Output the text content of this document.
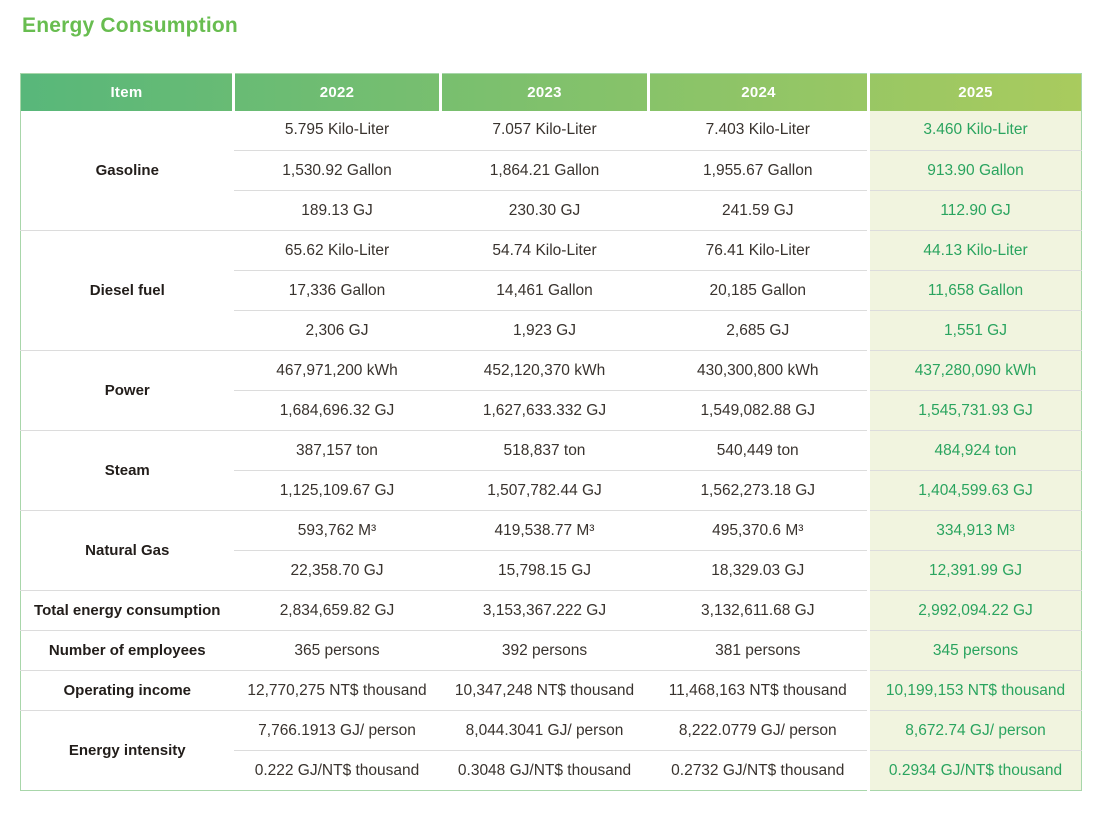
Energy Consumption
Item	2022	2023	2024	2025
Gasoline	5.795 Kilo-Liter	7.057 Kilo-Liter	7.403 Kilo-Liter	3.460 Kilo-Liter
	1,530.92 Gallon	1,864.21 Gallon	1,955.67 Gallon	913.90 Gallon
	189.13 GJ	230.30 GJ	241.59 GJ	112.90 GJ
Diesel fuel	65.62 Kilo-Liter	54.74 Kilo-Liter	76.41 Kilo-Liter	44.13 Kilo-Liter
	17,336 Gallon	14,461 Gallon	20,185 Gallon	11,658 Gallon
	2,306 GJ	1,923 GJ	2,685 GJ	1,551 GJ
Power	467,971,200 kWh	452,120,370 kWh	430,300,800 kWh	437,280,090 kWh
	1,684,696.32 GJ	1,627,633.332 GJ	1,549,082.88 GJ	1,545,731.93 GJ
Steam	387,157 ton	518,837 ton	540,449 ton	484,924 ton
	1,125,109.67 GJ	1,507,782.44 GJ	1,562,273.18 GJ	1,404,599.63 GJ
Natural Gas	593,762 M³	419,538.77 M³	495,370.6 M³	334,913 M³
	22,358.70 GJ	15,798.15 GJ	18,329.03 GJ	12,391.99 GJ
Total energy consumption	2,834,659.82 GJ	3,153,367.222 GJ	3,132,611.68 GJ	2,992,094.22 GJ
Number of employees	365 persons	392 persons	381 persons	345 persons
Operating income	12,770,275 NT$ thousand	10,347,248 NT$ thousand	11,468,163 NT$ thousand	10,199,153 NT$ thousand
Energy intensity	7,766.1913 GJ/ person	8,044.3041 GJ/ person	8,222.0779 GJ/ person	8,672.74 GJ/ person
	0.222 GJ/NT$ thousand	0.3048 GJ/NT$ thousand	0.2732 GJ/NT$ thousand	0.2934 GJ/NT$ thousand
